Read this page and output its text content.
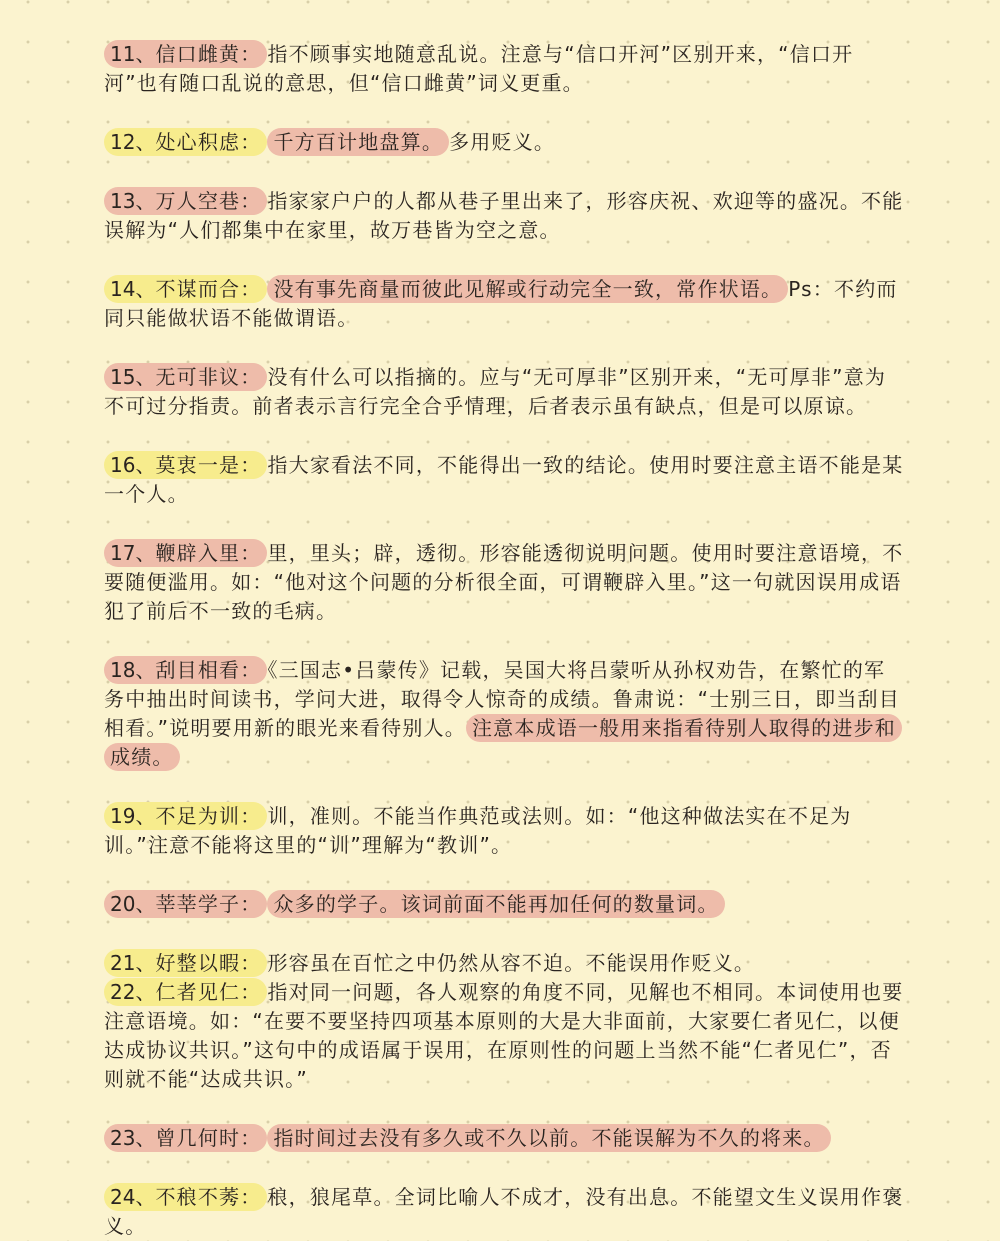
11、信口雌黄： 指不顾事实地随意乱说。注意与“信口开河”区别开来，“信口开河”也有随口乱说的意思，但“信口雌黄”词义更重。
12、处心积虑： 千方百计地盘算。 多用贬义。
13、万人空巷： 指家家户户的人都从巷子里出来了，形容庆祝、欢迎等的盛况。不能误解为“人们都集中在家里，故万巷皆为空之意。
14、不谋而合： 没有事先商量而彼此见解或行动完全一致，常作状语。 Ps：不约而同只能做状语不能做谓语。
15、无可非议： 没有什么可以指摘的。应与“无可厚非”区别开来，“无可厚非”意为不可过分指责。前者表示言行完全合乎情理，后者表示虽有缺点，但是可以原谅。
16、莫衷一是： 指大家看法不同，不能得出一致的结论。使用时要注意主语不能是某一个人。
17、鞭辟入里： 里，里头；辟，透彻。形容能透彻说明问题。使用时要注意语境，不要随便滥用。如：“他对这个问题的分析很全面，可谓鞭辟入里。”这一句就因误用成语犯了前后不一致的毛病。
18、刮目相看： 《三国志•吕蒙传》记载，吴国大将吕蒙听从孙权劝告，在繁忙的军务中抽出时间读书，学问大进，取得令人惊奇的成绩。鲁肃说：“士别三日，即当刮目相看。”说明要用新的眼光来看待别人。 注意本成语一般用来指看待别人取得的进步和成绩。
19、不足为训： 训，准则。不能当作典范或法则。如：“他这种做法实在不足为训。”注意不能将这里的“训”理解为“教训”。
20、莘莘学子： 众多的学子。该词前面不能再加任何的数量词。
21、好整以暇： 形容虽在百忙之中仍然从容不迫。不能误用作贬义。
22、仁者见仁： 指对同一问题，各人观察的角度不同，见解也不相同。本词使用也要注意语境。如：“在要不要坚持四项基本原则的大是大非面前，大家要仁者见仁，以便达成协议共识。”这句中的成语属于误用，在原则性的问题上当然不能“仁者见仁”，否则就不能“达成共识。”
23、曾几何时： 指时间过去没有多久或不久以前。不能误解为不久的将来。
24、不稂不莠： 稂，狼尾草。全词比喻人不成才，没有出息。不能望文生义误用作褒义。
